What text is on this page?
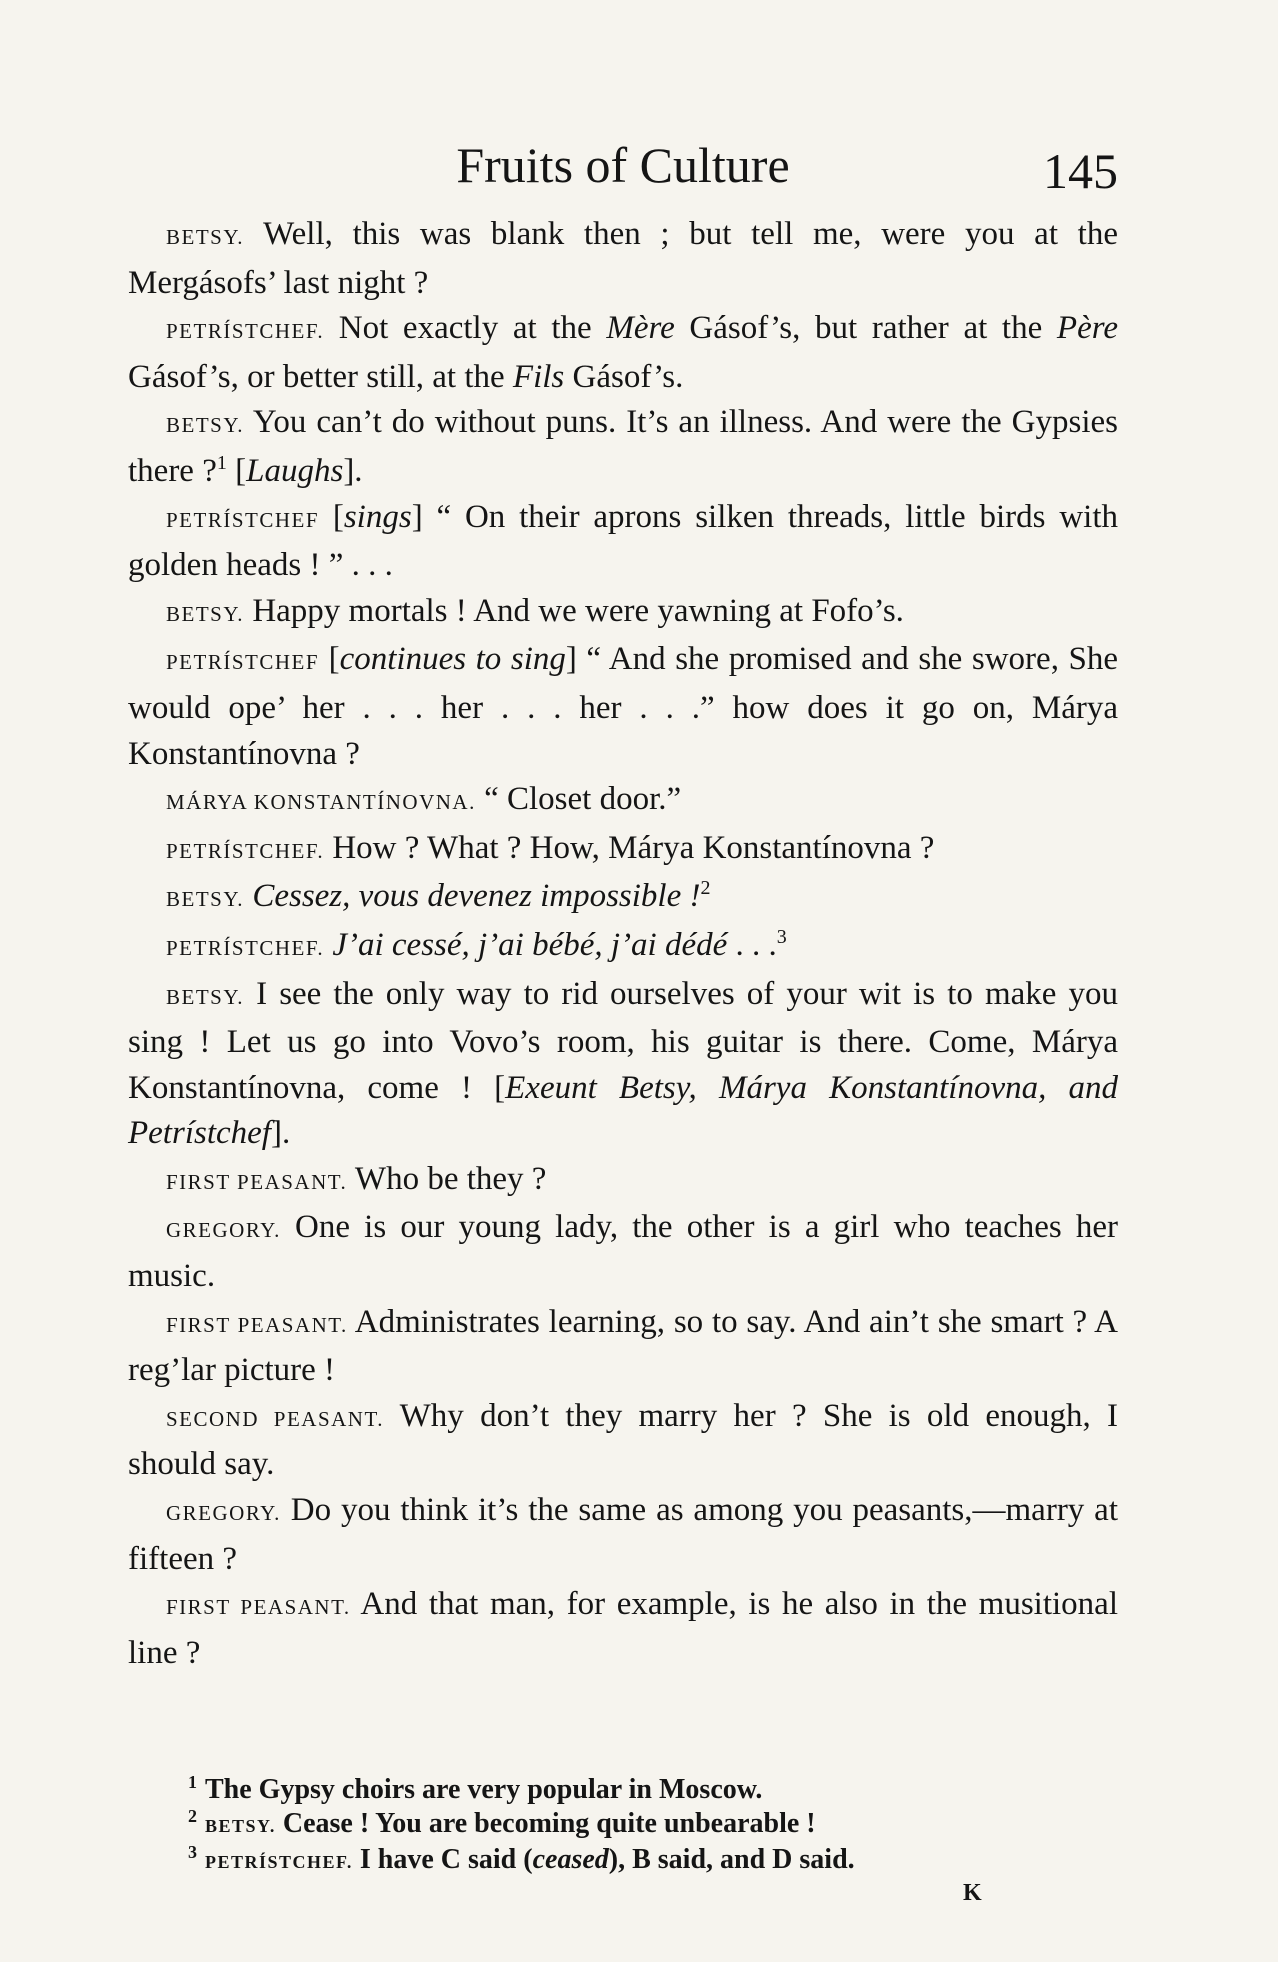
Fruits of Culture	145

BETSY. Well, this was blank then ; but tell me, were you at the Mergásofs’ last night ?

PETRÍSTCHEF. Not exactly at the Mère Gásof’s, but rather at the Père Gásof’s, or better still, at the Fils Gásof’s.

BETSY. You can’t do without puns. It’s an illness. And were the Gypsies there ?$^1$ [Laughs].

PETRÍSTCHEF [sings] “ On their aprons silken threads, little birds with golden heads ! ” . . .

BETSY. Happy mortals ! And we were yawning at Fofo’s.

PETRÍSTCHEF [continues to sing] “ And she promised and she swore, She would ope’ her . . . her . . . her . . .” how does it go on, Márya Konstantínovna ?

MÁRYA KONSTANTÍNOVNA. “ Closet door.”

PETRÍSTCHEF. How ? What ? How, Márya Konstantínovna ?

BETSY. Cessez, vous devenez impossible !$^2$

PETRÍSTCHEF. J’ai cessé, j’ai bébé, j’ai dédé . . .$^3$

BETSY. I see the only way to rid ourselves of your wit is to make you sing ! Let us go into Vovo’s room, his guitar is there. Come, Márya Konstantínovna, come ! [Exeunt Betsy, Márya Konstantínovna, and Petrístchef].

FIRST PEASANT. Who be they ?

GREGORY. One is our young lady, the other is a girl who teaches her music.

FIRST PEASANT. Administrates learning, so to say. And ain’t she smart ? A reg’lar picture !

SECOND PEASANT. Why don’t they marry her ? She is old enough, I should say.

GREGORY. Do you think it’s the same as among you peasants,—marry at fifteen ?

FIRST PEASANT. And that man, for example, is he also in the musitional line ?

$^1$ The Gypsy choirs are very popular in Moscow.

$^2$BETSY. Cease ! You are becoming quite unbearable !

$^3$PETRÍSTCHEF. I have C said (ceased), B said, and D said.

K
